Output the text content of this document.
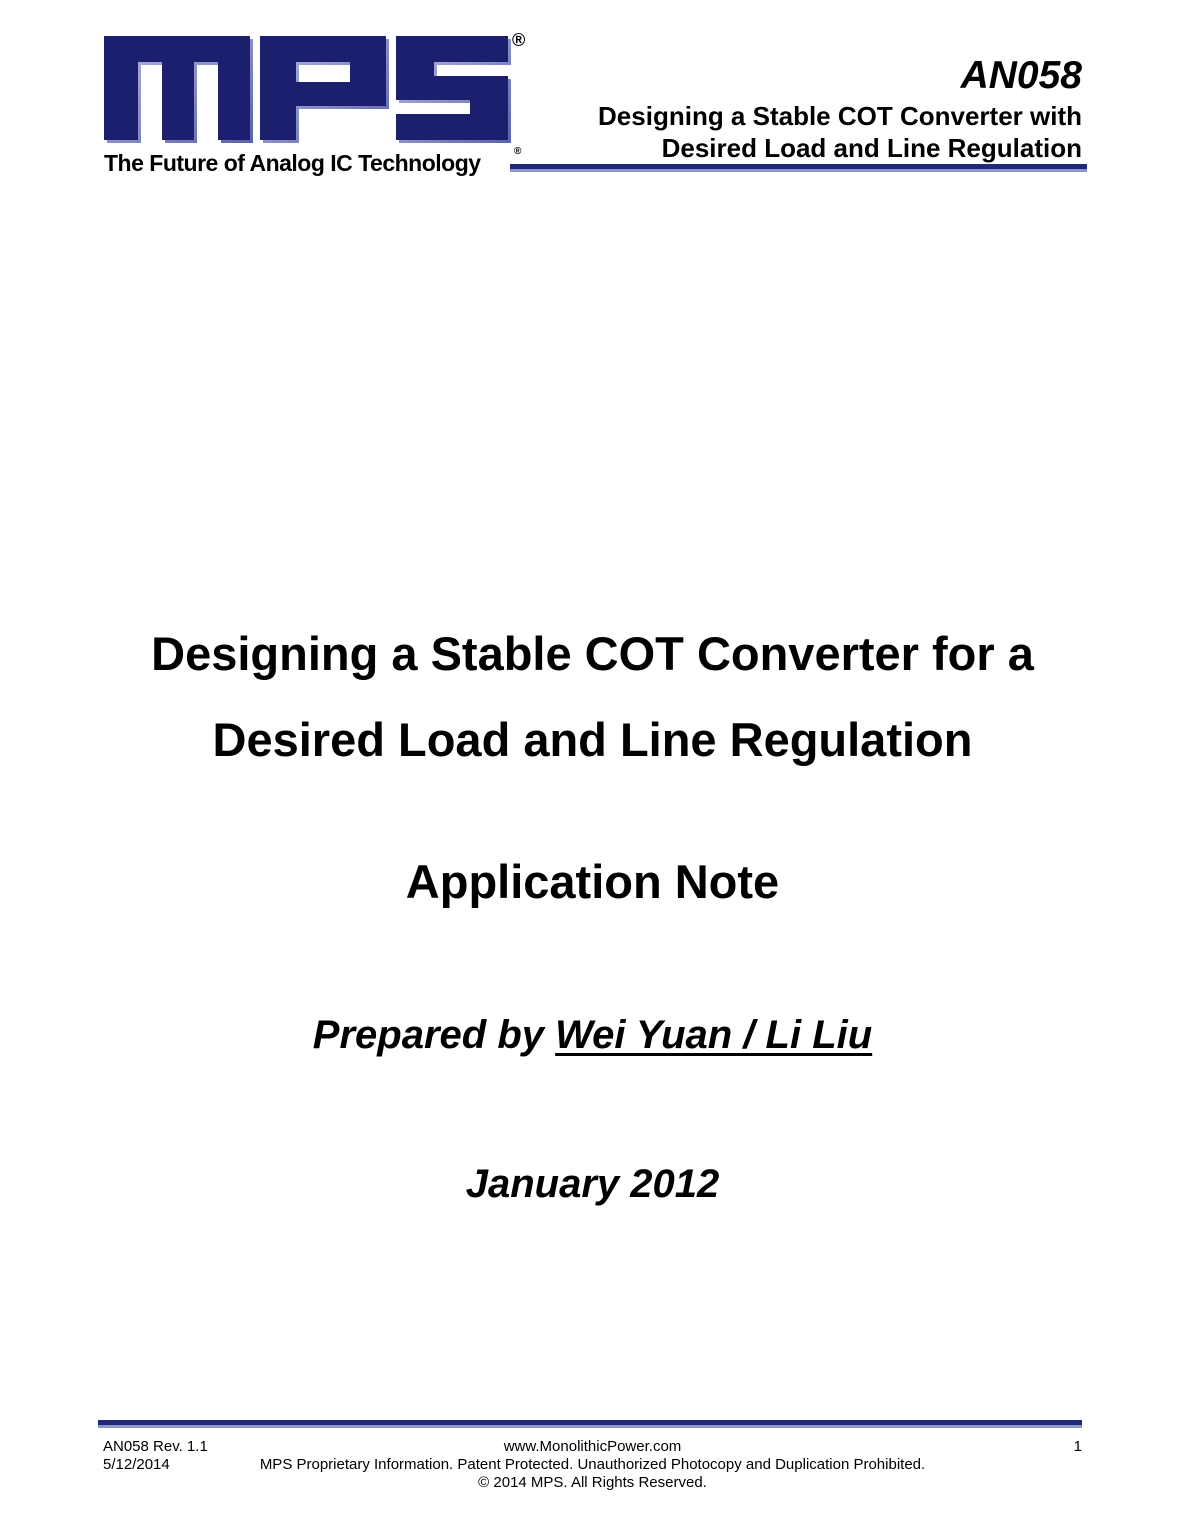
®
The Future of Analog IC Technology	®
AN058
Designing a Stable COT Converter with
Desired Load and Line Regulation
Designing a Stable COT Converter for a
Desired Load and Line Regulation
Application Note
Prepared by Wei Yuan / Li Liu
January 2012
AN058 Rev. 1.1
5/12/2014
www.MonolithicPower.com
MPS Proprietary Information. Patent Protected. Unauthorized Photocopy and Duplication Prohibited.
© 2014 MPS. All Rights Reserved.
1
